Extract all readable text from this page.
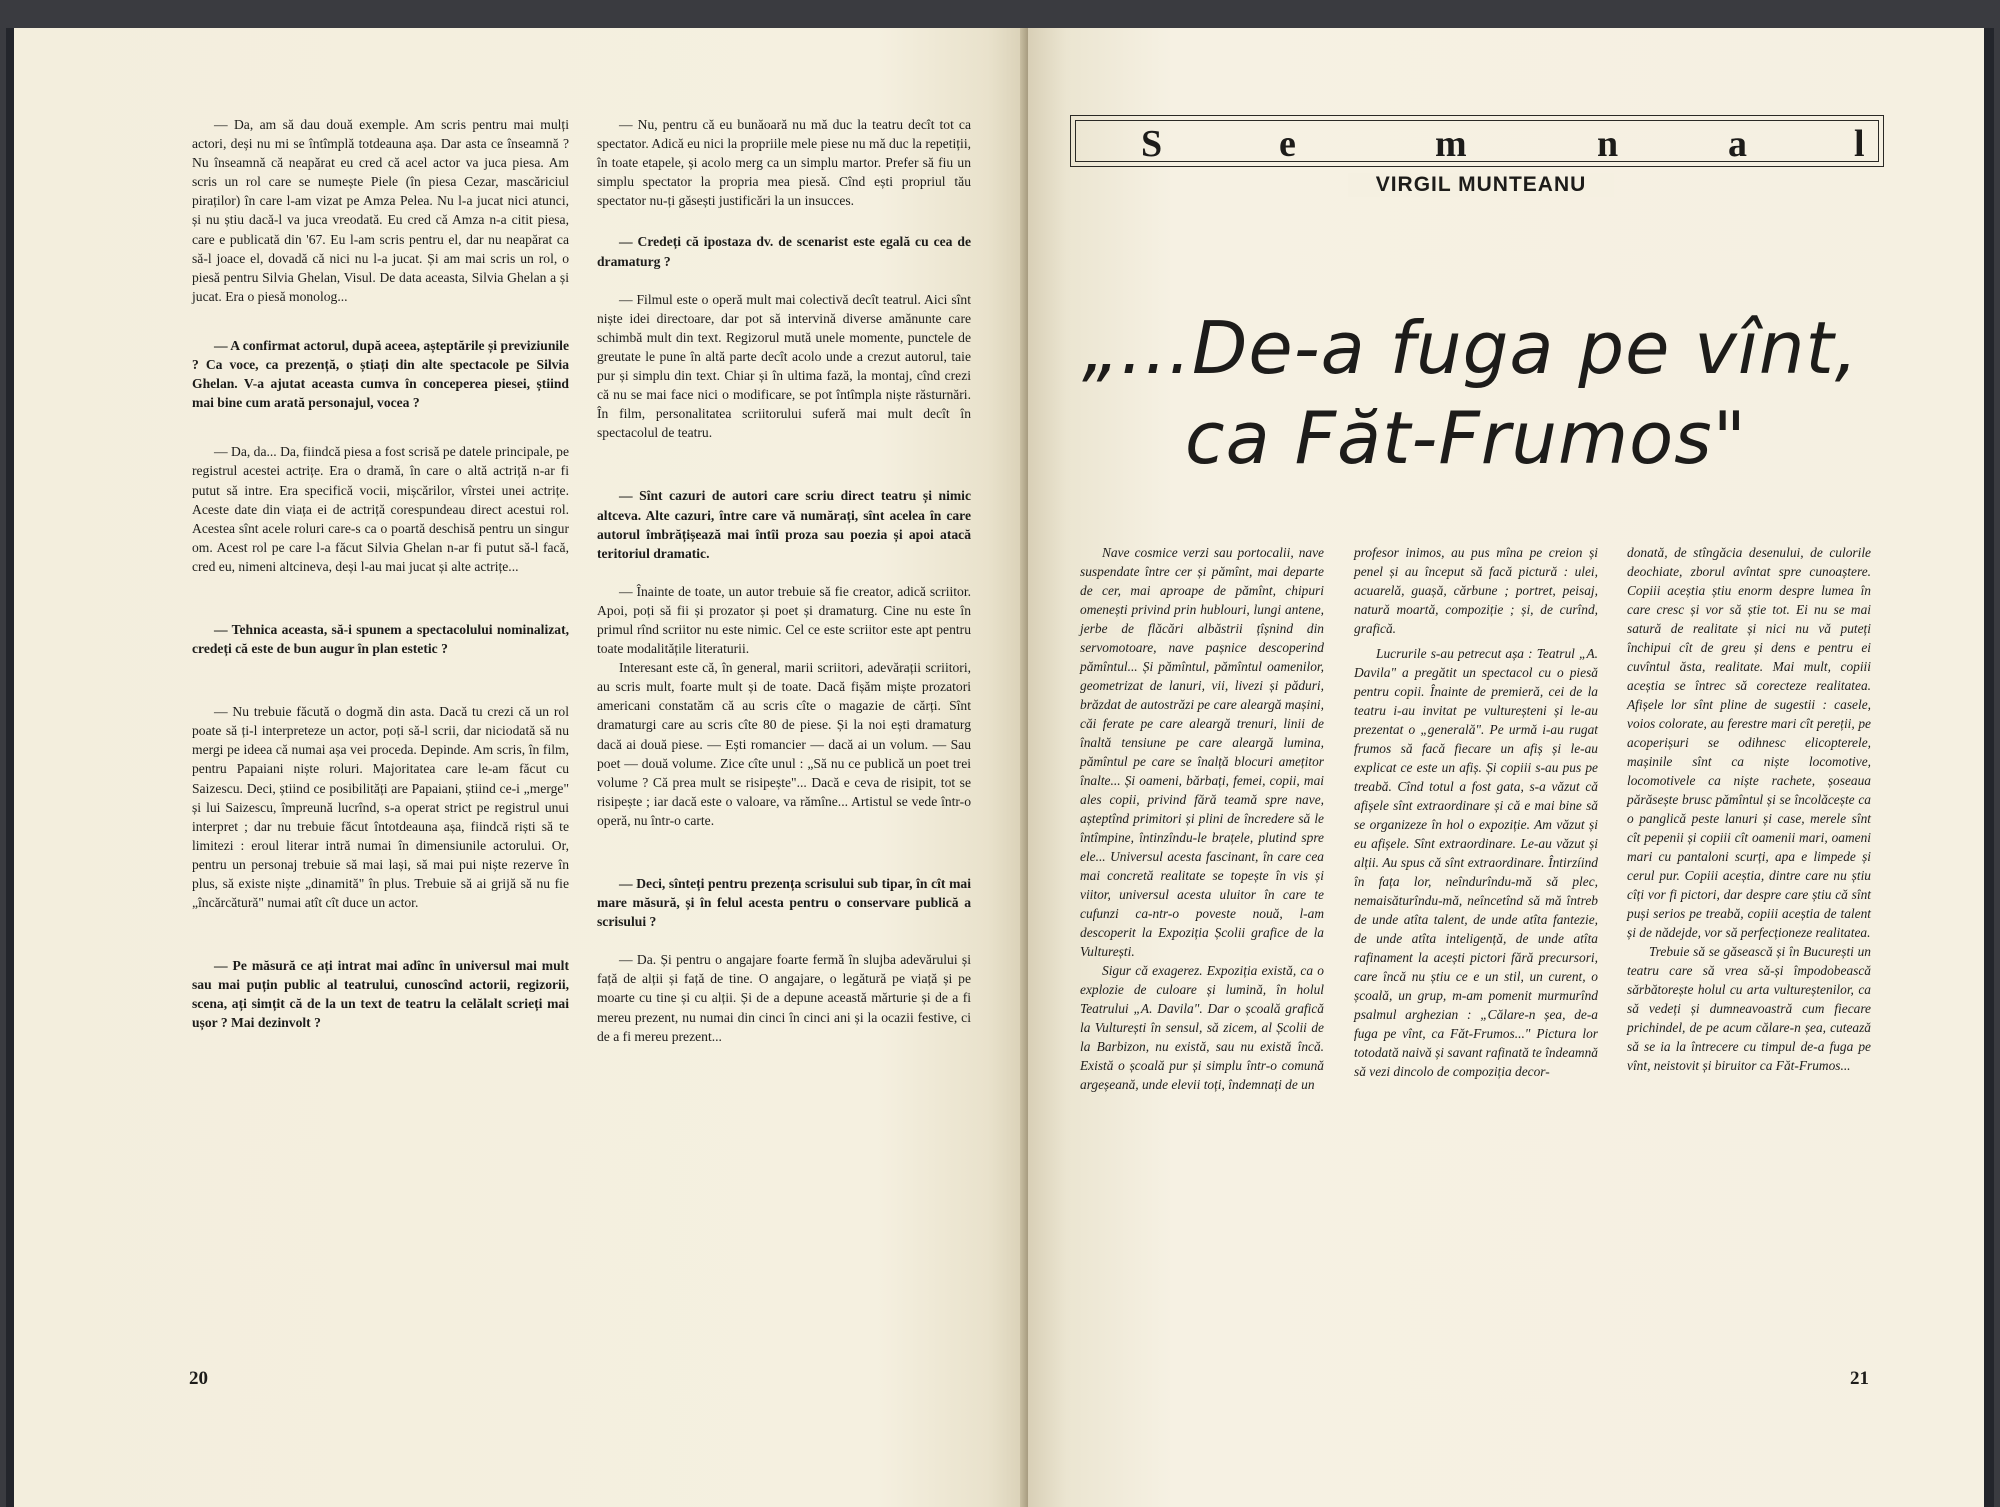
— Da, am să dau două exemple. Am scris pentru mai mulți actori, deși nu mi se întîmplă totdeauna așa. Dar asta ce înseamnă ? Nu înseamnă că neapărat eu cred că acel actor va juca piesa. Am scris un rol care se numește Piele (în piesa Cezar, mascăriciul piraților) în care l-am vizat pe Amza Pelea. Nu l-a jucat nici atunci, și nu știu dacă-l va juca vreodată. Eu cred că Amza n-a citit piesa, care e publicată din '67. Eu l-am scris pentru el, dar nu neapărat ca să-l joace el, dovadă că nici nu l-a jucat. Și am mai scris un rol, o piesă pentru Silvia Ghelan, Visul. De data aceasta, Silvia Ghelan a și jucat. Era o piesă monolog...

— A confirmat actorul, după aceea, așteptările și previziunile ? Ca voce, ca prezență, o știați din alte spectacole pe Silvia Ghelan. V-a ajutat aceasta cumva în conceperea piesei, știind mai bine cum arată personajul, vocea ?

— Da, da... Da, fiindcă piesa a fost scrisă pe datele principale, pe registrul acestei actrițe. Era o dramă, în care o altă actriță n-ar fi putut să intre. Era specifică vocii, mișcărilor, vîrstei unei actrițe. Aceste date din viața ei de actriță corespundeau direct acestui rol. Acestea sînt acele roluri care-s ca o poartă deschisă pentru un singur om. Acest rol pe care l-a făcut Silvia Ghelan n-ar fi putut să-l facă, cred eu, nimeni altcineva, deși l-au mai jucat și alte actrițe...

— Tehnica aceasta, să-i spunem a spectacolului nominalizat, credeți că este de bun augur în plan estetic ?

— Nu trebuie făcută o dogmă din asta. Dacă tu crezi că un rol poate să ți-l interpreteze un actor, poți să-l scrii, dar niciodată să nu mergi pe ideea că numai așa vei proceda. Depinde. Am scris, în film, pentru Papaiani niște roluri. Majoritatea care le-am făcut cu Saizescu. Deci, știind ce posibilități are Papaiani, știind ce-i „merge" și lui Saizescu, împreună lucrînd, s-a operat strict pe registrul unui interpret ; dar nu trebuie făcut întotdeauna așa, fiindcă riști să te limitezi : eroul literar intră numai în dimensiunile actorului. Or, pentru un personaj trebuie să mai lași, să mai pui niște rezerve în plus, să existe niște „dinamită" în plus. Trebuie să ai grijă să nu fie „încărcătură" numai atît cît duce un actor.

— Pe măsură ce ați intrat mai adînc în universul mai mult sau mai puțin public al teatrului, cunoscînd actorii, regizorii, scena, ați simțit că de la un text de teatru la celălalt scrieți mai ușor ? Mai dezinvolt ?

— Nu, pentru că eu bunăoară nu mă duc la teatru decît tot ca spectator. Adică eu nici la propriile mele piese nu mă duc la repetiții, în toate etapele, și acolo merg ca un simplu martor. Prefer să fiu un simplu spectator la propria mea piesă. Cînd ești propriul tău spectator nu-ți găsești justificări la un insucces.

— Credeți că ipostaza dv. de scenarist este egală cu cea de dramaturg ?

— Filmul este o operă mult mai colectivă decît teatrul. Aici sînt niște idei directoare, dar pot să intervină diverse amănunte care schimbă mult din text. Regizorul mută unele momente, punctele de greutate le pune în altă parte decît acolo unde a crezut autorul, taie pur și simplu din text. Chiar și în ultima fază, la montaj, cînd crezi că nu se mai face nici o modificare, se pot întîmpla niște răsturnări. În film, personalitatea scriitorului suferă mai mult decît în spectacolul de teatru.

— Sînt cazuri de autori care scriu direct teatru și nimic altceva. Alte cazuri, între care vă numărați, sînt acelea în care autorul îmbrățișează mai întîi proza sau poezia și apoi atacă teritoriul dramatic.

— Înainte de toate, un autor trebuie să fie creator, adică scriitor. Apoi, poți să fii și prozator și poet și dramaturg. Cine nu este în primul rînd scriitor nu este nimic. Cel ce este scriitor este apt pentru toate modalitățile literaturii.

Interesant este că, în general, marii scriitori, adevărații scriitori, au scris mult, foarte mult și de toate. Dacă fișăm miște prozatori americani constatăm că au scris cîte o magazie de cărți. Sînt dramaturgi care au scris cîte 80 de piese. Și la noi ești dramaturg dacă ai două piese. — Ești romancier — dacă ai un volum. — Sau poet — două volume. Zice cîte unul : „Să nu ce publică un poet trei volume ? Că prea mult se risipește"... Dacă e ceva de risipit, tot se risipește ; iar dacă este o valoare, va rămîne... Artistul se vede într-o operă, nu într-o carte.

— Deci, sînteți pentru prezența scrisului sub tipar, în cît mai mare măsură, și în felul acesta pentru o conservare publică a scrisului ?

— Da. Și pentru o angajare foarte fermă în slujba adevărului și față de alții și față de tine. O angajare, o legătură pe viață și pe moarte cu tine și cu alții. Și de a depune această mărturie și de a fi mereu prezent, nu numai din cinci în cinci ani și la ocazii festive, ci de a fi mereu prezent...

20	21
S	e	m	n	a	l
VIRGIL MUNTEANU
„...De-a fuga pe vînt,
ca Făt-Frumos"

Nave cosmice verzi sau portocalii, nave suspendate între cer și pămînt, mai departe de cer, mai aproape de pămînt, chipuri omenești privind prin hublouri, lungi antene, jerbe de flăcări albăstrii țîșnind din servomotoare, nave pașnice descoperind pămîntul... Și pămîntul, pămîntul oamenilor, geometrizat de lanuri, vii, livezi și păduri, brăzdat de autostrăzi pe care aleargă mașini, căi ferate pe care aleargă trenuri, linii de înaltă tensiune pe care aleargă lumina, pămîntul pe care se înalță blocuri amețitor înalte... Și oameni, bărbați, femei, copii, mai ales copii, privind fără teamă spre nave, așteptînd primitori și plini de încredere să le întîmpine, întinzîndu-le brațele, plutind spre ele... Universul acesta fascinant, în care cea mai concretă realitate se topește în vis și viitor, universul acesta uluitor în care te cufunzi ca-ntr-o poveste nouă, l-am descoperit la Expoziția Școlii grafice de la Vulturești.

Sigur că exagerez. Expoziția există, ca o explozie de culoare și lumină, în holul Teatrului „A. Davila". Dar o școală grafică la Vulturești în sensul, să zicem, al Școlii de la Barbizon, nu există, sau nu există încă. Există o școală pur și simplu într-o comună argeșeană, unde elevii toți, îndemnați de un

profesor inimos, au pus mîna pe creion și penel și au început să facă pictură : ulei, acuarelă, guașă, cărbune ; portret, peisaj, natură moartă, compoziție ; și, de curînd, grafică.

Lucrurile s-au petrecut așa : Teatrul „A. Davila" a pregătit un spectacol cu o piesă pentru copii. Înainte de premieră, cei de la teatru i-au invitat pe vultureșteni și le-au prezentat o „generală". Pe urmă i-au rugat frumos să facă fiecare un afiș și le-au explicat ce este un afiș. Și copiii s-au pus pe treabă. Cînd totul a fost gata, s-a văzut că afișele sînt extraordinare și că e mai bine să se organizeze în hol o expoziție. Am văzut și eu afișele. Sînt extraordinare. Le-au văzut și alții. Au spus că sînt extraordinare. Întirzíind în fața lor, neîndurîndu-mă să plec, nemaisăturîndu-mă, neîncetînd să mă întreb de unde atîta talent, de unde atîta fantezie, de unde atîta inteligență, de unde atîta rafinament la acești pictori fără precursori, care încă nu știu ce e un stil, un curent, o școală, un grup, m-am pomenit murmurînd psalmul arghezian : „Călare-n șea, de-a fuga pe vînt, ca Făt-Frumos..." Pictura lor totodată naivă și savant rafinată te îndeamnă să vezi dincolo de compoziția decor-

donată, de stîngăcia desenului, de culorile deochiate, zborul avîntat spre cunoaștere. Copiii aceștia știu enorm despre lumea în care cresc și vor să știe tot. Ei nu se mai satură de realitate și nici nu vă puteți închipui cît de greu și dens e pentru ei cuvîntul ăsta, realitate. Mai mult, copiii aceștia se întrec să corecteze realitatea. Afișele lor sînt pline de sugestii : casele, voios colorate, au ferestre mari cît pereții, pe acoperișuri se odihnesc elicopterele, mașinile sînt ca niște locomotive, locomotivele ca niște rachete, șoseaua părăsește brusc pămîntul și se încolăcește ca o panglică peste lanuri și case, merele sînt cît pepenii și copiii cît oamenii mari, oameni mari cu pantaloni scurți, apa e limpede și cerul pur. Copiii aceștia, dintre care nu știu cîți vor fi pictori, dar despre care știu că sînt puși serios pe treabă, copiii aceștia de talent și de nădejde, vor să perfecționeze realitatea.

Trebuie să se găsească și în București un teatru care să vrea să-și împodobească sărbătorește holul cu arta vultureștenilor, ca să vedeți și dumneavoastră cum fiecare prichindel, de pe acum călare-n șea, cutează să se ia la întrecere cu timpul de-a fuga pe vînt, neistovit și biruitor ca Făt-Frumos...
